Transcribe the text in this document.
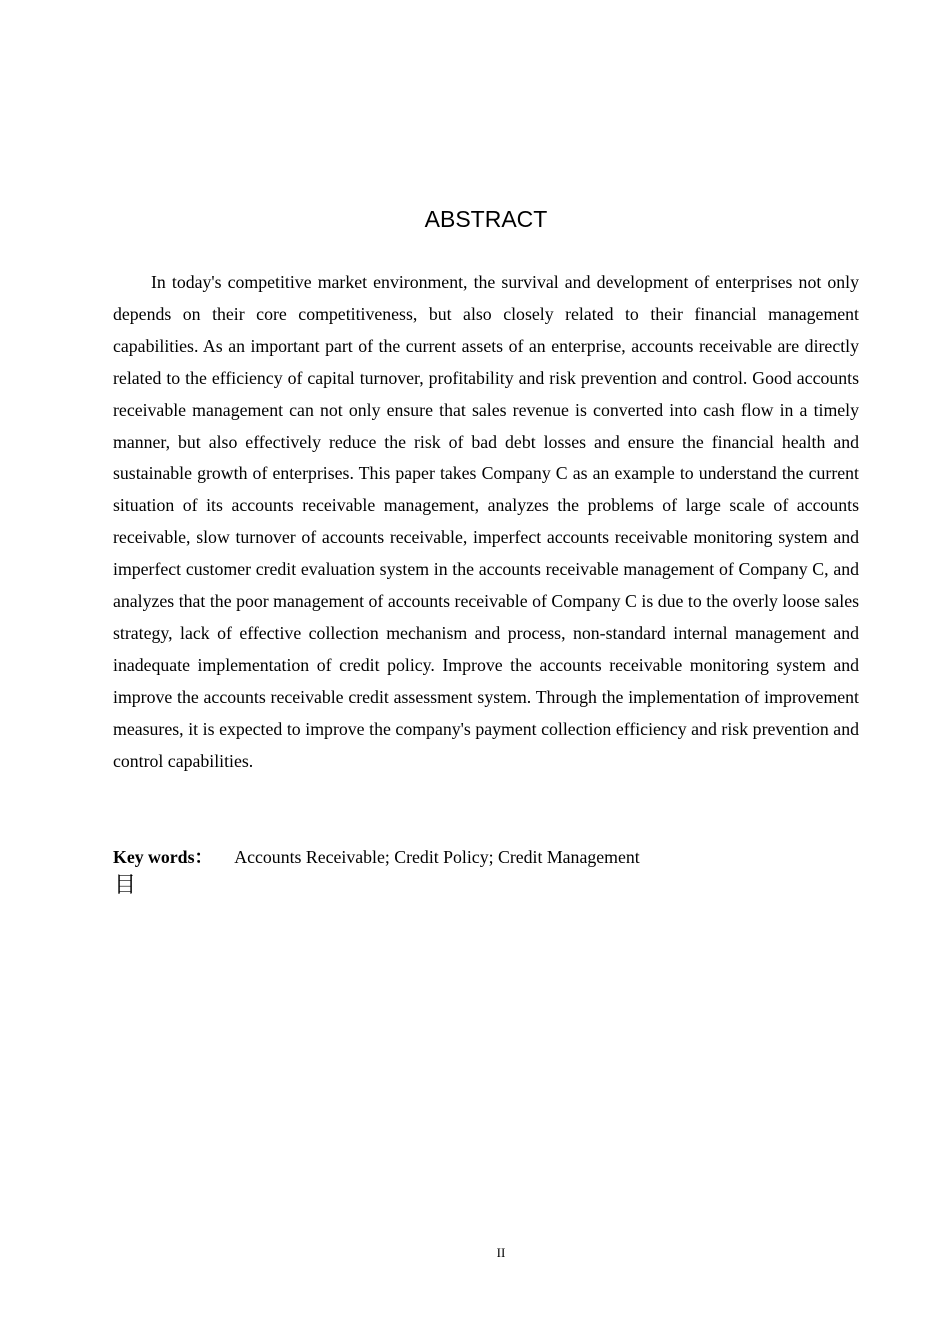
ABSTRACT

In today's competitive market environment, the survival and development of enterprises not only depends on their core competitiveness, but also closely related to their financial management capabilities. As an important part of the current assets of an enterprise, accounts receivable are directly related to the efficiency of capital turnover, profitability and risk prevention and control. Good accounts receivable management can not only ensure that sales revenue is converted into cash flow in a timely manner, but also effectively reduce the risk of bad debt losses and ensure the financial health and sustainable growth of enterprises. This paper takes Company C as an example to understand the current situation of its accounts receivable management, analyzes the problems of large scale of accounts receivable, slow turnover of accounts receivable, imperfect accounts receivable monitoring system and imperfect customer credit evaluation system in the accounts receivable management of Company C, and analyzes that the poor management of accounts receivable of Company C is due to the overly loose sales strategy, lack of effective collection mechanism and process, non-standard internal management and inadequate implementation of credit policy. Improve the accounts receivable monitoring system and improve the accounts receivable credit assessment system. Through the implementation of improvement measures, it is expected to improve the company's payment collection efficiency and risk prevention and control capabilities.

Key words： Accounts Receivable; Credit Policy; Credit Management

目

II
